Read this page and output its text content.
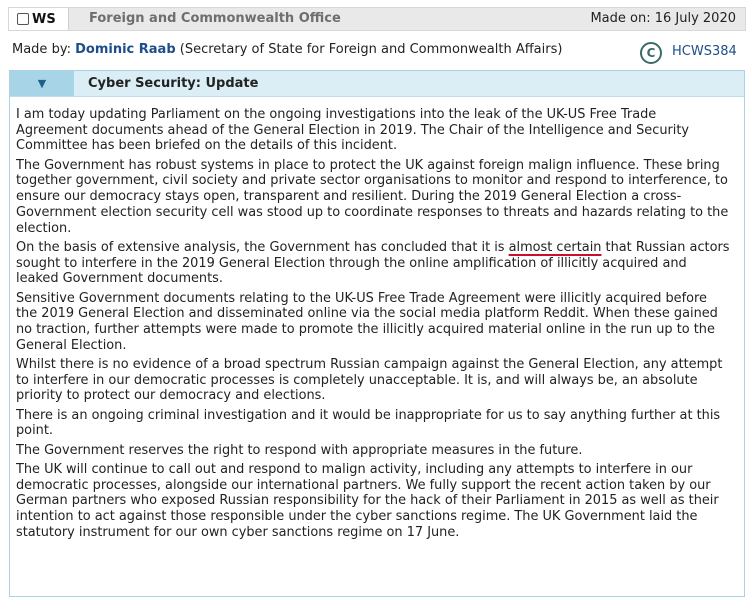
WS	Foreign and Commonwealth Office	Made on: 16 July 2020
Made by: Dominic Raab (Secretary of State for Foreign and Commonwealth Affairs)	C HCWS384
▼	Cyber Security: Update

I am today updating Parliament on the ongoing investigations into the leak of the UK-US Free Trade Agreement documents ahead of the General Election in 2019. The Chair of the Intelligence and Security Committee has been briefed on the details of this incident.

The Government has robust systems in place to protect the UK against foreign malign influence. These bring together government, civil society and private sector organisations to monitor and respond to interference, to ensure our democracy stays open, transparent and resilient. During the 2019 General Election a cross-Government election security cell was stood up to coordinate responses to threats and hazards relating to the election.

On the basis of extensive analysis, the Government has concluded that it is almost certain that Russian actors sought to interfere in the 2019 General Election through the online amplification of illicitly acquired and leaked Government documents.

Sensitive Government documents relating to the UK-US Free Trade Agreement were illicitly acquired before the 2019 General Election and disseminated online via the social media platform Reddit. When these gained no traction, further attempts were made to promote the illicitly acquired material online in the run up to the General Election.

Whilst there is no evidence of a broad spectrum Russian campaign against the General Election, any attempt to interfere in our democratic processes is completely unacceptable. It is, and will always be, an absolute priority to protect our democracy and elections.

There is an ongoing criminal investigation and it would be inappropriate for us to say anything further at this point.

The Government reserves the right to respond with appropriate measures in the future.

The UK will continue to call out and respond to malign activity, including any attempts to interfere in our democratic processes, alongside our international partners. We fully support the recent action taken by our German partners who exposed Russian responsibility for the hack of their Parliament in 2015 as well as their intention to act against those responsible under the cyber sanctions regime. The UK Government laid the statutory instrument for our own cyber sanctions regime on 17 June.
